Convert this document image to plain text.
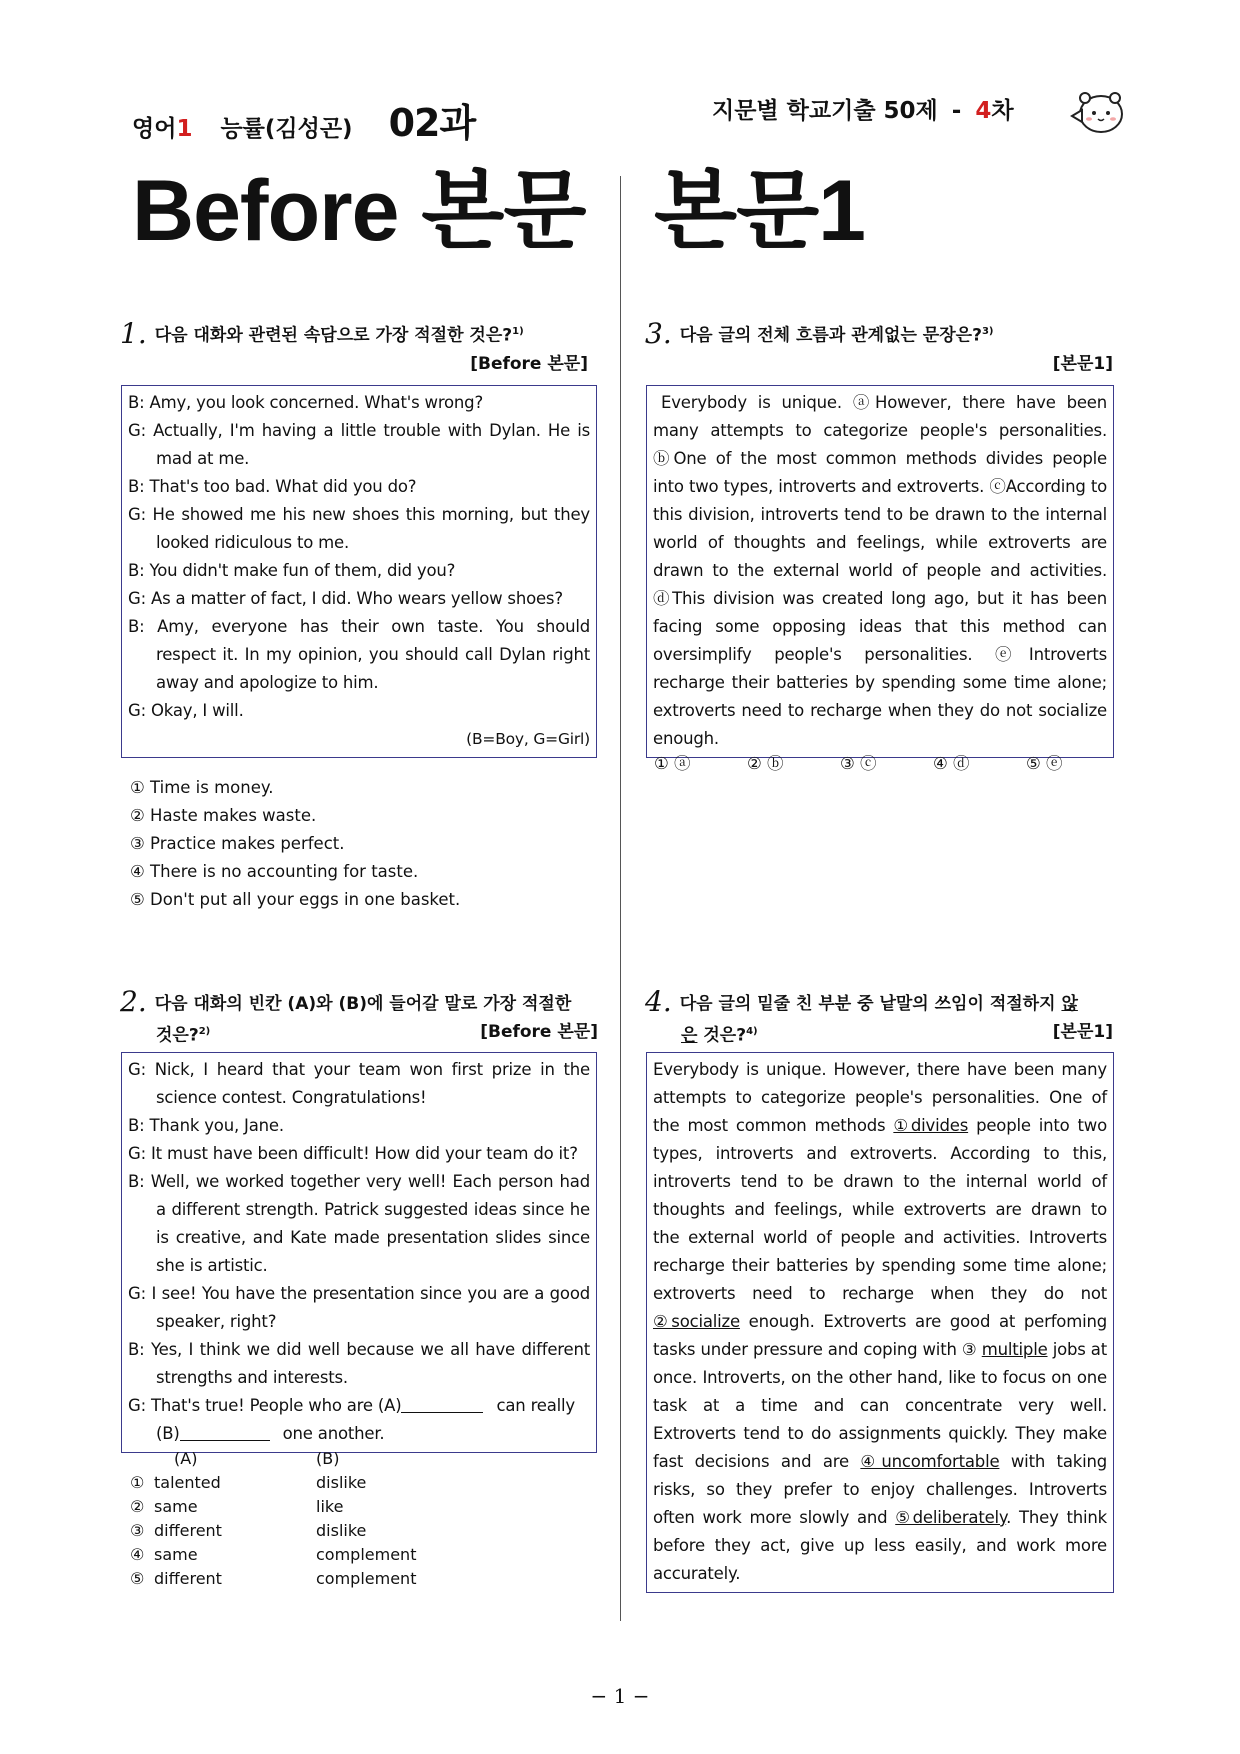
영어 1 능률(김성곤) 02과	지문별 학교기출 50제 - 4 차
Before 본문 본문1
1. 다음 대화와 관련된 속담으로 가장 적절한 것은?$^{1)}$
[Before 본문]
B: Amy, you look concerned. What's wrong?
G: Actually, I'm having a little trouble with Dylan. He is mad at me.
B: That's too bad. What did you do?
G: He showed me his new shoes this morning, but they looked ridiculous to me.
B: You didn't make fun of them, did you?
G: As a matter of fact, I did. Who wears yellow shoes?
B: Amy, everyone has their own taste. You should respect it. In my opinion, you should call Dylan right away and apologize to him.
G: Okay, I will.
(B=Boy, G=Girl)
① Time is money.
② Haste makes waste.
③ Practice makes perfect.
④ There is no accounting for taste.
⑤ Don't put all your eggs in one basket.
2. 다음 대화의 빈칸 (A)와 (B)에 들어갈 말로 가장 적절한
것은?$^{2)}$	[Before 본문]
G: Nick, I heard that your team won first prize in the science contest. Congratulations!
B: Thank you, Jane.
G: It must have been difficult! How did your team do it?
B: Well, we worked together very well! Each person had a different strength. Patrick suggested ideas since he is creative, and Kate made presentation slides since she is artistic.
G: I see! You have the presentation since you are a good speaker, right?
B: Yes, I think we did well because we all have different strengths and interests.
G: That's true! People who are (A)	can really
(B)	one another.
(A)	(B)
① talented	dislike
② same	like
③ different	dislike
④ same	complement
⑤ different	complement
3. 다음 글의 전체 흐름과 관계없는 문장은?$^{3)}$
[본문1]
Everybody is unique. ⓐHowever, there have been many attempts to categorize people's personalities. ⓑOne of the most common methods divides people into two types, introverts and extroverts. ⓒAccording to this division, introverts tend to be drawn to the internal world of thoughts and feelings, while extroverts are drawn to the external world of people and activities. ⓓThis division was created long ago, but it has been facing some opposing ideas that this method can oversimplify people's personalities. ⓔIntroverts recharge their batteries by spending some time alone; extroverts need to recharge when they do not socialize enough.
① ⓐ	② ⓑ	③ ⓒ	④ ⓓ	⑤ ⓔ
4. 다음 글의 밑줄 친 부분 중 낱말의 쓰임이 적절하지 않
은 것은?$^{4)}$	[본문1]
Everybody is unique. However, there have been many attempts to categorize people's personalities. One of the most common methods ①divides people into two types, introverts and extroverts. According to this, introverts tend to be drawn to the internal world of thoughts and feelings, while extroverts are drawn to the external world of people and activities. Introverts recharge their batteries by spending some time alone; extroverts need to recharge when they do not ②socialize enough. Extroverts are good at perfoming tasks under pressure and coping with ③ multiple jobs at once. Introverts, on the other hand, like to focus on one task at a time and can concentrate very well. Extroverts tend to do assignments quickly. They make fast decisions and are ④uncomfortable with taking risks, so they prefer to enjoy challenges. Introverts often work more slowly and ⑤deliberately. They think before they act, give up less easily, and work more accurately.
− 1 −
